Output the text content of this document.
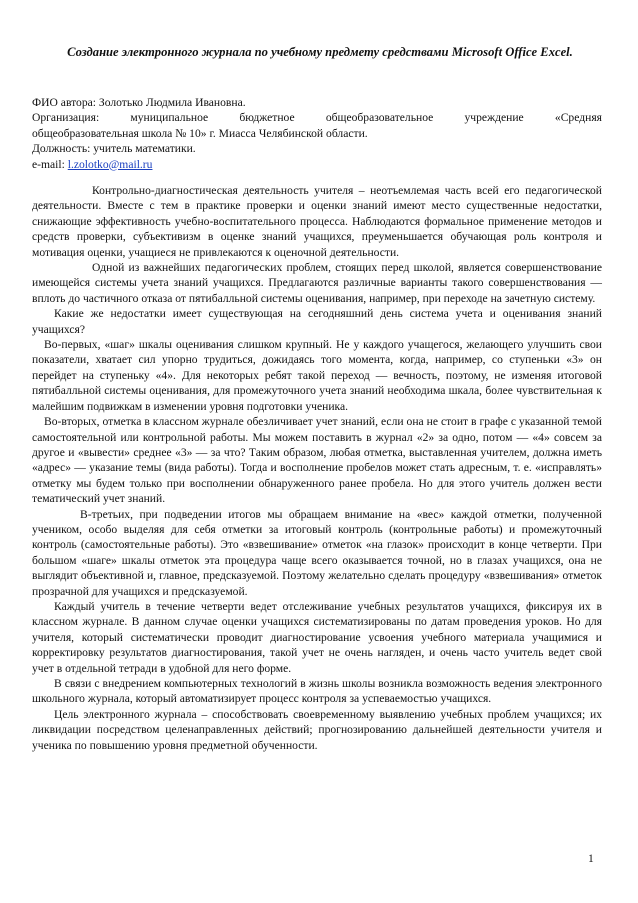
Создание электронного журнала по учебному предмету средствами Microsoft Office Excel.
ФИО автора: Золотько Людмила Ивановна.
Организация: муниципальное бюджетное общеобразовательное учреждение «Средняя
общеобразовательная школа № 10» г. Миасса Челябинской области.
Должность: учитель математики.
e-mail: l.zolotko@mail.ru

Контрольно-диагностическая деятельность учителя – неотъемлемая часть всей его педагогической деятельности. Вместе с тем в практике проверки и оценки знаний имеют место существенные недостатки, снижающие эффективность учебно-воспитательного процесса. Наблюдаются формальное применение методов и средств проверки, субъективизм в оценке знаний учащихся, преуменьшается обучающая роль контроля и мотивация оценки, учащиеся не привлекаются к оценочной деятельности.

Одной из важнейших педагогических проблем, стоящих перед школой, является совершенствование имеющейся системы учета знаний учащихся. Предлагаются различные варианты такого совершенствования — вплоть до частичного отказа от пятибалльной системы оценивания, например, при переходе на зачетную систему.

Какие же недостатки имеет существующая на сегодняшний день система учета и оценивания знаний учащихся?

Во-первых, «шаг» шкалы оценивания слишком крупный. Не у каждого учащегося, желающего улучшить свои показатели, хватает сил упорно трудиться, дожидаясь того момента, когда, например, со ступеньки «3» он перейдет на ступеньку «4». Для некоторых ребят такой переход — вечность, поэтому, не изменяя итоговой пятибалльной системы оценивания, для промежуточного учета знаний необходима шкала, более чувствительная к малейшим подвижкам в изменении уровня подготовки ученика.

Во-вторых, отметка в классном журнале обезличивает учет знаний, если она не стоит в графе с указанной темой самостоятельной или контрольной работы. Мы можем поставить в журнал «2» за одно, потом — «4» совсем за другое и «вывести» среднее «3» — за что? Таким образом, любая отметка, выставленная учителем, должна иметь «адрес» — указание темы (вида работы). Тогда и восполнение пробелов может стать адресным, т. е. «исправлять» отметку мы будем только при восполнении обнаруженного ранее пробела. Но для этого учитель должен вести тематический учет знаний.

В-третьих, при подведении итогов мы обращаем внимание на «вес» каждой отметки, полученной учеником, особо выделяя для себя отметки за итоговый контроль (контрольные работы) и промежуточный контроль (самостоятельные работы). Это «взвешивание» отметок «на глазок» происходит в конце четверти. При большом «шаге» шкалы отметок эта процедура чаще всего оказывается точной, но в глазах учащихся, она не выглядит объективной и, главное, предсказуемой. Поэтому желательно сделать процедуру «взвешивания» отметок прозрачной для учащихся и предсказуемой.

Каждый учитель в течение четверти ведет отслеживание учебных результатов учащихся, фиксируя их в классном журнале. В данном случае оценки учащихся систематизированы по датам проведения уроков. Но для учителя, который систематически проводит диагностирование усвоения учебного материала учащимися и корректировку результатов диагностирования, такой учет не очень нагляден, и очень часто учитель ведет свой учет в отдельной тетради в удобной для него форме.

В связи с внедрением компьютерных технологий в жизнь школы возникла возможность ведения электронного школьного журнала, который автоматизирует процесс контроля за успеваемостью учащихся.

Цель электронного журнала – способствовать своевременному выявлению учебных проблем учащихся; их ликвидации посредством целенаправленных действий; прогнозированию дальнейшей деятельности учителя и ученика по повышению уровня предметной обученности.

1
